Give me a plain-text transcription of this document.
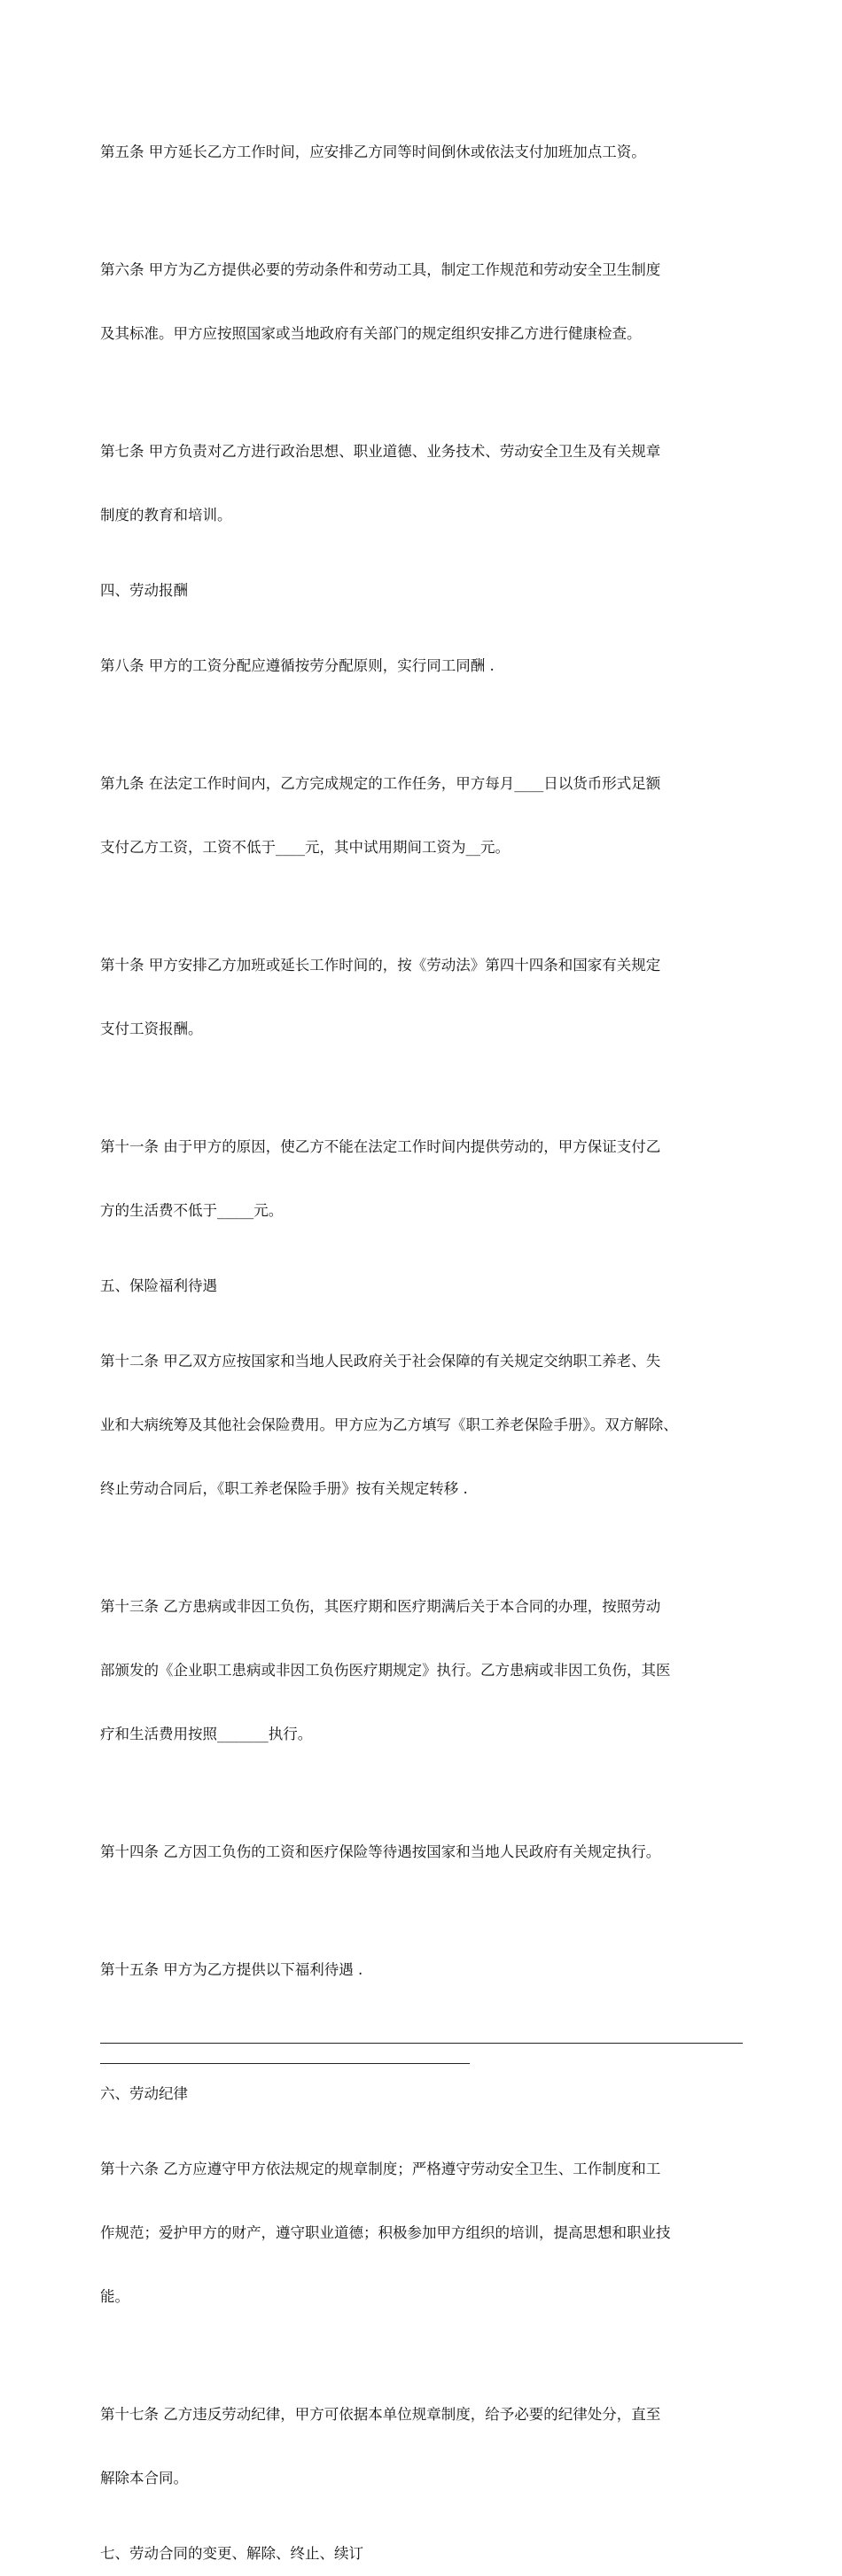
第五条 甲方延长乙方工作时间，应安排乙方同等时间倒休或依法支付加班加点工资。

第六条 甲方为乙方提供必要的劳动条件和劳动工具，制定工作规范和劳动安全卫生制度

及其标准。甲方应按照国家或当地政府有关部门的规定组织安排乙方进行健康检查。

第七条 甲方负责对乙方进行政治思想、职业道德、业务技术、劳动安全卫生及有关规章

制度的教育和培训。

四、劳动报酬

第八条 甲方的工资分配应遵循按劳分配原则，实行同工同酬 .

第九条 在法定工作时间内，乙方完成规定的工作任务，甲方每月____日以货币形式足额

支付乙方工资，工资不低于____元，其中试用期间工资为__元。

第十条 甲方安排乙方加班或延长工作时间的，按《劳动法》第四十四条和国家有关规定

支付工资报酬。

第十一条 由于甲方的原因，使乙方不能在法定工作时间内提供劳动的，甲方保证支付乙

方的生活费不低于_____元。

五、保险福利待遇

第十二条 甲乙双方应按国家和当地人民政府关于社会保障的有关规定交纳职工养老、失

业和大病统筹及其他社会保险费用。甲方应为乙方填写《职工养老保险手册》。双方解除、

终止劳动合同后，《职工养老保险手册》按有关规定转移 .

第十三条 乙方患病或非因工负伤，其医疗期和医疗期满后关于本合同的办理，按照劳动

部颁发的《企业职工患病或非因工负伤医疗期规定》执行。乙方患病或非因工负伤，其医

疗和生活费用按照_______执行。

第十四条 乙方因工负伤的工资和医疗保险等待遇按国家和当地人民政府有关规定执行。

第十五条 甲方为乙方提供以下福利待遇 .

六、劳动纪律

第十六条 乙方应遵守甲方依法规定的规章制度；严格遵守劳动安全卫生、工作制度和工

作规范；爱护甲方的财产，遵守职业道德；积极参加甲方组织的培训，提高思想和职业技

能。

第十七条 乙方违反劳动纪律，甲方可依据本单位规章制度，给予必要的纪律处分，直至

解除本合同。

七、劳动合同的变更、解除、终止、续订
